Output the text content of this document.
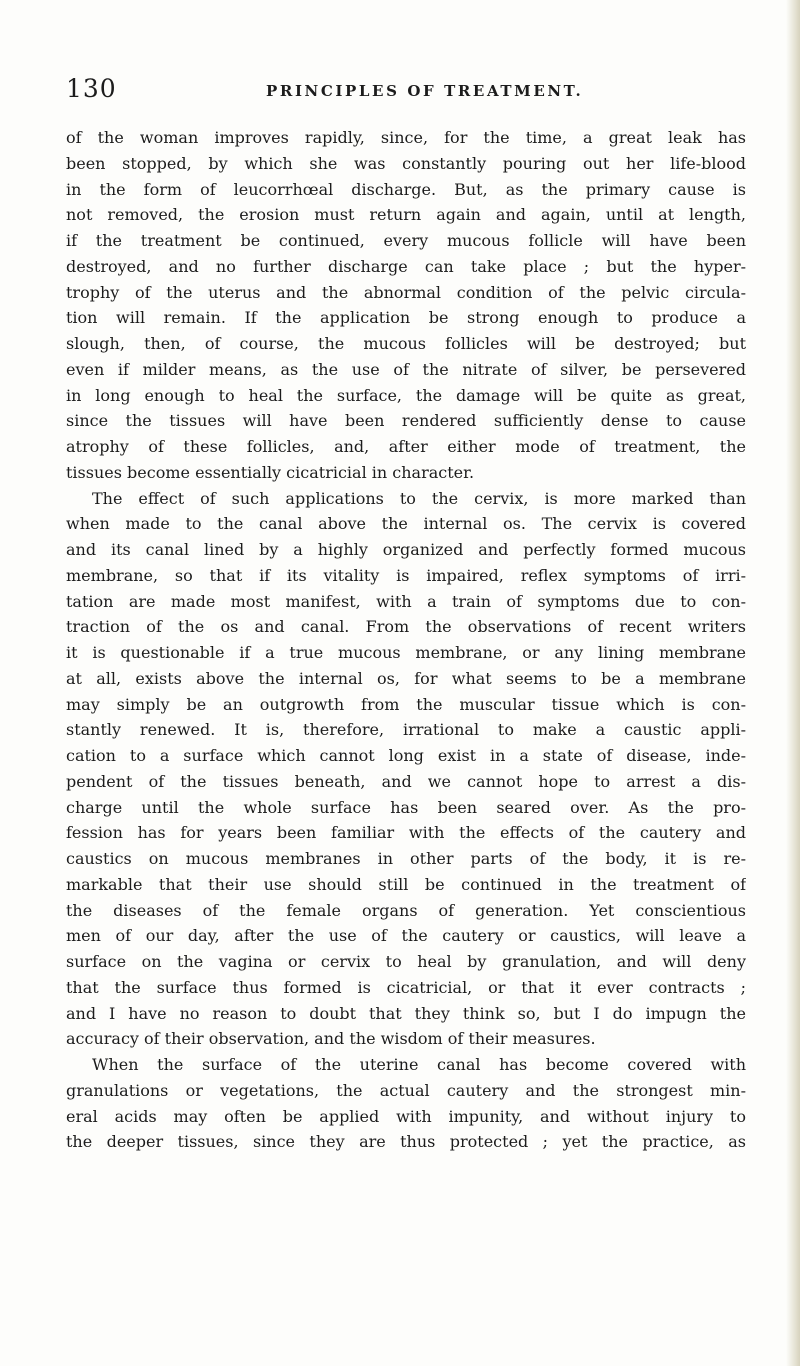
130	PRINCIPLES OF TREATMENT.
of the woman improves rapidly, since, for the time, a great leak has
been stopped, by which she was constantly pouring out her life-blood
in the form of leucorrhœal discharge. But, as the primary cause is
not removed, the erosion must return again and again, until at length,
if the treatment be continued, every mucous follicle will have been
destroyed, and no further discharge can take place ; but the hyper-
trophy of the uterus and the abnormal condition of the pelvic circula-
tion will remain. If the application be strong enough to produce a
slough, then, of course, the mucous follicles will be destroyed; but
even if milder means, as the use of the nitrate of silver, be persevered
in long enough to heal the surface, the damage will be quite as great,
since the tissues will have been rendered sufficiently dense to cause
atrophy of these follicles, and, after either mode of treatment, the
tissues become essentially cicatricial in character.
The effect of such applications to the cervix, is more marked than
when made to the canal above the internal os. The cervix is covered
and its canal lined by a highly organized and perfectly formed mucous
membrane, so that if its vitality is impaired, reflex symptoms of irri-
tation are made most manifest, with a train of symptoms due to con-
traction of the os and canal. From the observations of recent writers
it is questionable if a true mucous membrane, or any lining membrane
at all, exists above the internal os, for what seems to be a membrane
may simply be an outgrowth from the muscular tissue which is con-
stantly renewed. It is, therefore, irrational to make a caustic appli-
cation to a surface which cannot long exist in a state of disease, inde-
pendent of the tissues beneath, and we cannot hope to arrest a dis-
charge until the whole surface has been seared over. As the pro-
fession has for years been familiar with the effects of the cautery and
caustics on mucous membranes in other parts of the body, it is re-
markable that their use should still be continued in the treatment of
the diseases of the female organs of generation. Yet conscientious
men of our day, after the use of the cautery or caustics, will leave a
surface on the vagina or cervix to heal by granulation, and will deny
that the surface thus formed is cicatricial, or that it ever contracts ;
and I have no reason to doubt that they think so, but I do impugn the
accuracy of their observation, and the wisdom of their measures.
When the surface of the uterine canal has become covered with
granulations or vegetations, the actual cautery and the strongest min-
eral acids may often be applied with impunity, and without injury to
the deeper tissues, since they are thus protected ; yet the practice, as
